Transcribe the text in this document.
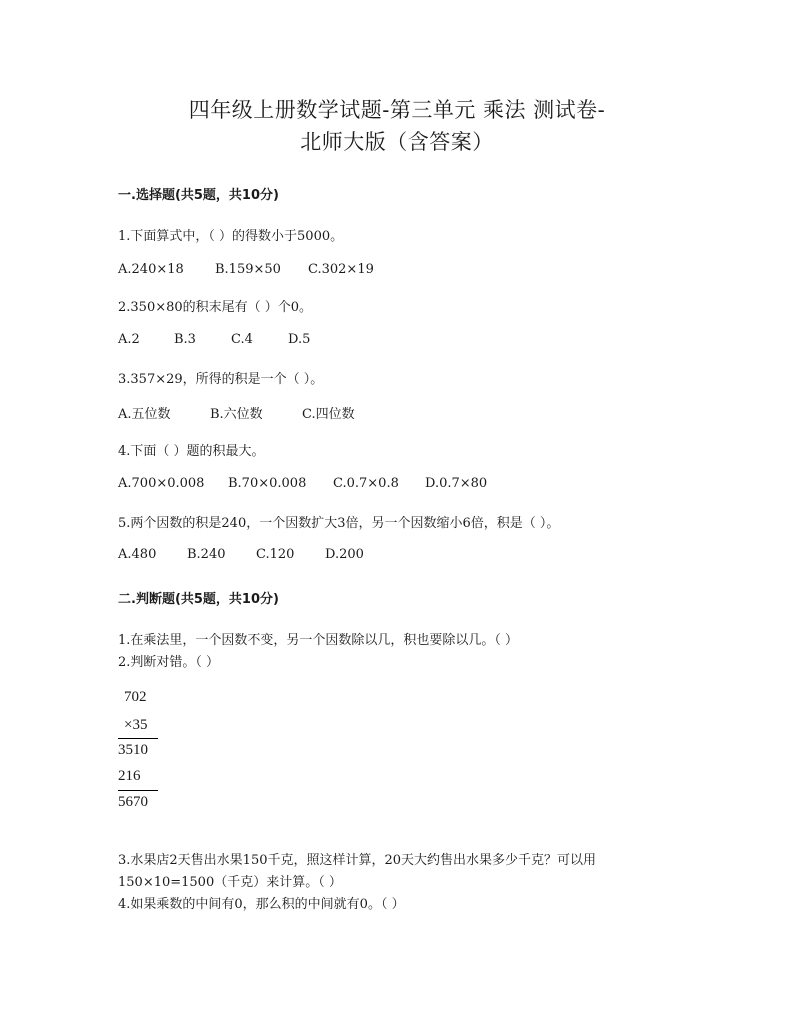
四年级上册数学试题-第三单元 乘法 测试卷-
北师大版（含答案）
一.选择题(共5题，共10分)
1.下面算式中，（ ）的得数小于5000。
A.240×18 B.159×50 C.302×19
2.350×80的积末尾有（ ）个0。
A.2	B.3	C.4	D.5
3.357×29，所得的积是一个（ ）。
A.五位数	B.六位数	C.四位数
4.下面（ ）题的积最大。
A.700×0.008 B.70×0.008 C.0.7×0.8 D.0.7×80
5.两个因数的积是240，一个因数扩大3倍，另一个因数缩小6倍，积是（ ）。
A.480 B.240 C.120 D.200
二.判断题(共5题，共10分)
1.在乘法里，一个因数不变，另一个因数除以几，积也要除以几。（ ）
2.判断对错。（ ）
702
×35
3510
216
5670
3.水果店2天售出水果150千克，照这样计算，20天大约售出水果多少千克？可以用
150×10=1500（千克）来计算。（ ）
4.如果乘数的中间有0，那么积的中间就有0。（ ）
